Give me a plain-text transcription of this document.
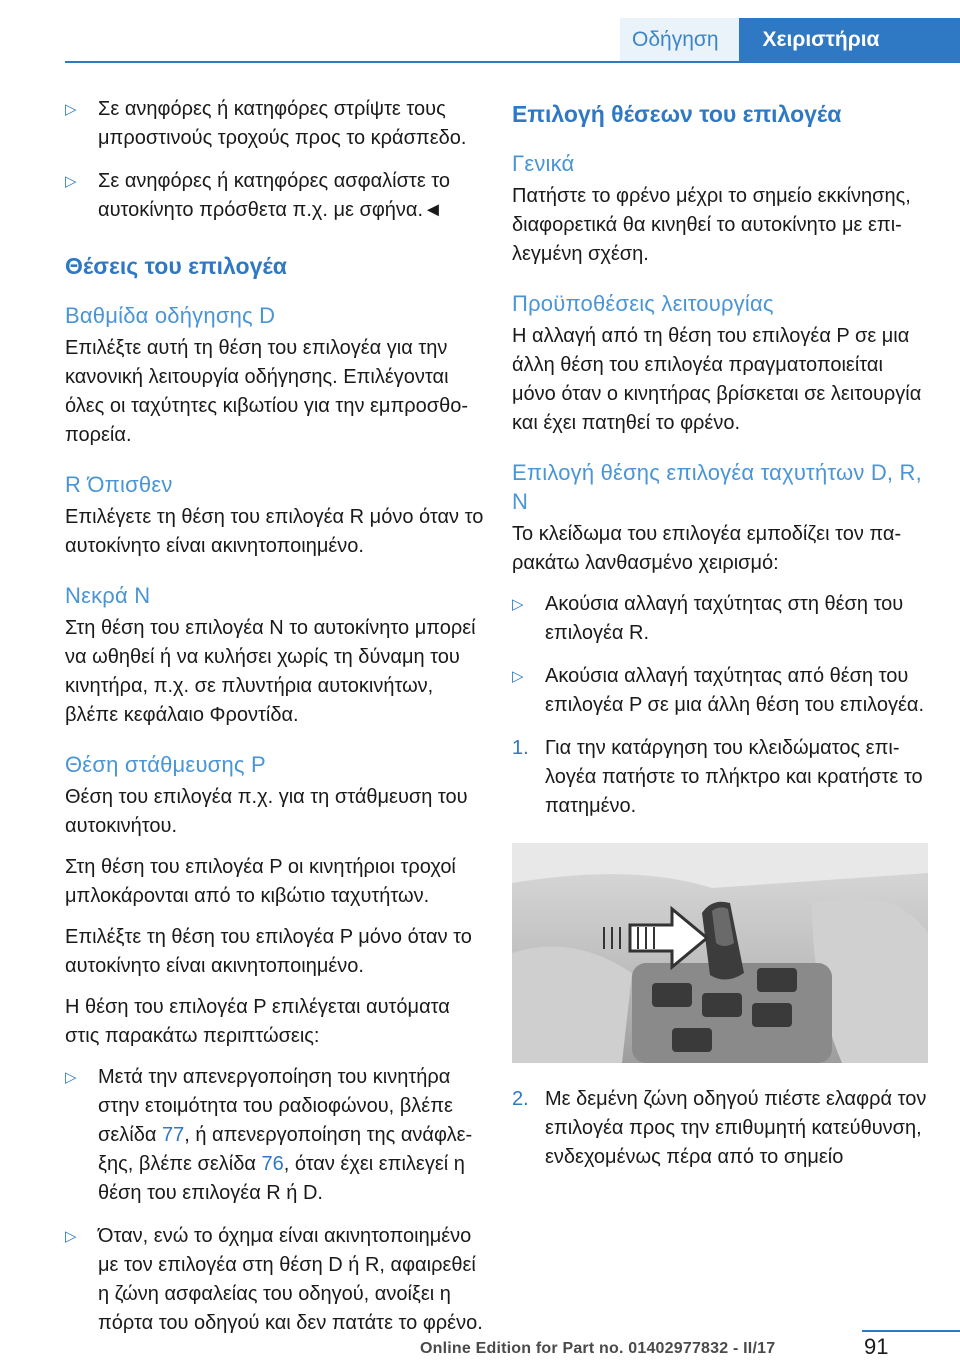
Οδήγηση	Χειριστήρια
▷ Σε ανηφόρες ή κατηφόρες στρίψτε τους μπροστινούς τροχούς προς το κράσπεδο.
▷ Σε ανηφόρες ή κατηφόρες ασφαλίστε το αυτοκίνητο πρόσθετα π.χ. με σφήνα.◄
Θέσεις του επιλογέα
Βαθμίδα οδήγησης D

Επιλέξτε αυτή τη θέση του επιλογέα για την κανονική λειτουργία οδήγησης. Επιλέγονται όλες οι ταχύτητες κιβωτίου για την εμπροσθοπορεία.

R Όπισθεν

Επιλέγετε τη θέση του επιλογέα R μόνο όταν το αυτοκίνητο είναι ακινητοποιημένο.

Νεκρά N

Στη θέση του επιλογέα N το αυτοκίνητο μπορεί να ωθηθεί ή να κυλήσει χωρίς τη δύναμη του κινητήρα, π.χ. σε πλυντήρια αυτοκινήτων, βλέπε κεφάλαιο Φροντίδα.

Θέση στάθμευσης P

Θέση του επιλογέα π.χ. για τη στάθμευση του αυτοκινήτου.

Στη θέση του επιλογέα P οι κινητήριοι τροχοί μπλοκάρονται από το κιβώτιο ταχυτήτων.

Επιλέξτε τη θέση του επιλογέα P μόνο όταν το αυτοκίνητο είναι ακινητοποιημένο.

Η θέση του επιλογέα P επιλέγεται αυτόματα στις παρακάτω περιπτώσεις:

▷ Μετά την απενεργοποίηση του κινητήρα στην ετοιμότητα του ραδιοφώνου, βλέπε σελίδα 77, ή απενεργοποίηση της ανάφλεξης, βλέπε σελίδα 76, όταν έχει επιλεγεί η θέση του επιλογέα R ή D.
▷ Όταν, ενώ το όχημα είναι ακινητοποιημένο με τον επιλογέα στη θέση D ή R, αφαιρεθεί η ζώνη ασφαλείας του οδηγού, ανοίξει η πόρτα του οδηγού και δεν πατάτε το φρένο.
Επιλογή θέσεων του επιλογέα
Γενικά

Πατήστε το φρένο μέχρι το σημείο εκκίνησης, διαφορετικά θα κινηθεί το αυτοκίνητο με επιλεγμένη σχέση.

Προϋποθέσεις λειτουργίας

Η αλλαγή από τη θέση του επιλογέα P σε μια άλλη θέση του επιλογέα πραγματοποιείται μόνο όταν ο κινητήρας βρίσκεται σε λειτουργία και έχει πατηθεί το φρένο.

Επιλογή θέσης επιλογέα ταχυτήτων D, R, N

Το κλείδωμα του επιλογέα εμποδίζει τον παρακάτω λανθασμένο χειρισμό:

▷ Ακούσια αλλαγή ταχύτητας στη θέση του επιλογέα R.
▷ Ακούσια αλλαγή ταχύτητας από θέση του επιλογέα P σε μια άλλη θέση του επιλογέα.
1. Για την κατάργηση του κλειδώματος επιλογέα πατήστε το πλήκτρο και κρατήστε το πατημένο.
2. Με δεμένη ζώνη οδηγού πιέστε ελαφρά τον επιλογέα προς την επιθυμητή κατεύθυνση, ενδεχομένως πέρα από το σημείο
91
Online Edition for Part no. 01402977832 - II/17
